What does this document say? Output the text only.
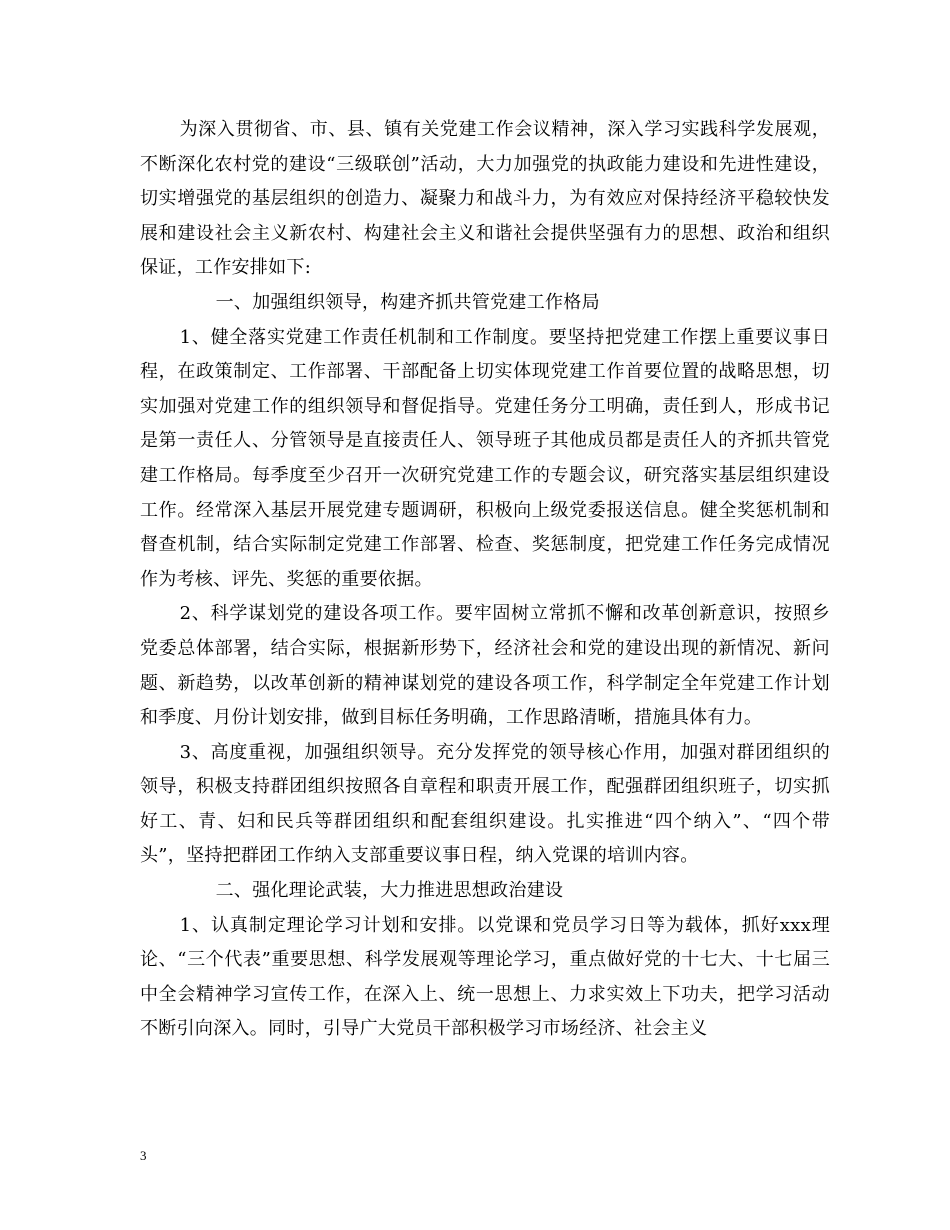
为深入贯彻省、市、县、镇有关党建工作会议精神，深入学习实践科学发展观，不断深化农村党的建设“三级联创”活动，大力加强党的执政能力建设和先进性建设，切实增强党的基层组织的创造力、凝聚力和战斗力，为有效应对保持经济平稳较快发展和建设社会主义新农村、构建社会主义和谐社会提供坚强有力的思想、政治和组织保证，工作安排如下:

一、加强组织领导，构建齐抓共管党建工作格局

1、健全落实党建工作责任机制和工作制度。要坚持把党建工作摆上重要议事日程，在政策制定、工作部署、干部配备上切实体现党建工作首要位置的战略思想，切实加强对党建工作的组织领导和督促指导。党建任务分工明确，责任到人，形成书记是第一责任人、分管领导是直接责任人、领导班子其他成员都是责任人的齐抓共管党建工作格局。每季度至少召开一次研究党建工作的专题会议，研究落实基层组织建设工作。经常深入基层开展党建专题调研，积极向上级党委报送信息。健全奖惩机制和督查机制，结合实际制定党建工作部署、检查、奖惩制度，把党建工作任务完成情况作为考核、评先、奖惩的重要依据。

2、科学谋划党的建设各项工作。要牢固树立常抓不懈和改革创新意识，按照乡党委总体部署，结合实际，根据新形势下，经济社会和党的建设出现的新情况、新问题、新趋势，以改革创新的精神谋划党的建设各项工作，科学制定全年党建工作计划和季度、月份计划安排，做到目标任务明确，工作思路清晰，措施具体有力。

3、高度重视，加强组织领导。充分发挥党的领导核心作用，加强对群团组织的领导，积极支持群团组织按照各自章程和职责开展工作，配强群团组织班子，切实抓好工、青、妇和民兵等群团组织和配套组织建设。扎实推进“四个纳入”、“四个带头”，坚持把群团工作纳入支部重要议事日程，纳入党课的培训内容。

二、强化理论武装，大力推进思想政治建设

1、认真制定理论学习计划和安排。以党课和党员学习日等为载体，抓好xxx理论、“三个代表”重要思想、科学发展观等理论学习，重点做好党的十七大、十七届三中全会精神学习宣传工作，在深入上、统一思想上、力求实效上下功夫，把学习活动不断引向深入。同时，引导广大党员干部积极学习市场经济、社会主义

3
